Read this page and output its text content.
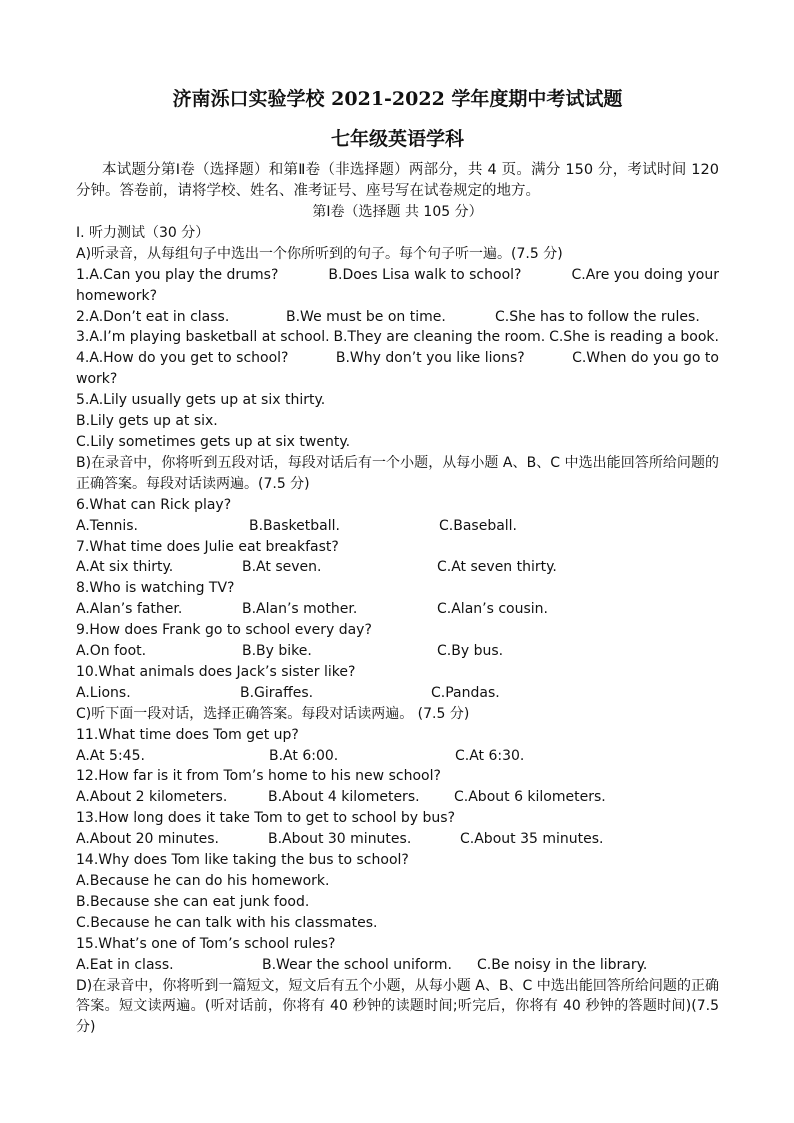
济南泺口实验学校 2021-2022 学年度期中考试试题
七年级英语学科
本试题分第Ⅰ卷（选择题）和第Ⅱ卷（非选择题）两部分，共 4 页。满分 150 分，考试时间 120 分钟。答卷前，请将学校、姓名、准考证号、座号写在试卷规定的地方。
第Ⅰ卷（选择题 共 105 分）
I. 听力测试（30 分）
A)听录音，从每组句子中选出一个你所听到的句子。每个句子听一遍。(7.5 分)
1.A.Can you play the drums?	B.Does Lisa walk to school?	C.Are you doing your
homework?
2.A.Don’t eat in class.	B.We must be on time.	C.She has to follow the rules.
3.A.I’m playing basketball at school. B.They are cleaning the room. C.She is reading a book.
4.A.How do you get to school?	B.Why don’t you like lions?	C.When do you go to
work?
5.A.Lily usually gets up at six thirty.
B.Lily gets up at six.
C.Lily sometimes gets up at six twenty.
B)在录音中，你将听到五段对话，每段对话后有一个小题，从每小题 A、B、C 中选出能回答所给问题的正确答案。每段对话读两遍。(7.5 分)
6.What can Rick play?
A.Tennis.	B.Basketball.	C.Baseball.
7.What time does Julie eat breakfast?
A.At six thirty.	B.At seven.	C.At seven thirty.
8.Who is watching TV?
A.Alan’s father.	B.Alan’s mother.	C.Alan’s cousin.
9.How does Frank go to school every day?
A.On foot.	B.By bike.	C.By bus.
10.What animals does Jack’s sister like?
A.Lions.	B.Giraffes.	C.Pandas.
C)听下面一段对话，选择正确答案。每段对话读两遍。 (7.5 分)
11.What time does Tom get up?
A.At 5:45.	B.At 6:00.	C.At 6:30.
12.How far is it from Tom’s home to his new school?
A.About 2 kilometers.	B.About 4 kilometers.	C.About 6 kilometers.
13.How long does it take Tom to get to school by bus?
A.About 20 minutes.	B.About 30 minutes.	C.About 35 minutes.
14.Why does Tom like taking the bus to school?
A.Because he can do his homework.
B.Because she can eat junk food.
C.Because he can talk with his classmates.
15.What’s one of Tom’s school rules?
A.Eat in class.	B.Wear the school uniform.	C.Be noisy in the library.
D)在录音中，你将听到一篇短文，短文后有五个小题，从每小题 A、B、C 中选出能回答所给问题的正确答案。短文读两遍。(听对话前，你将有 40 秒钟的读题时间;听完后，你将有 40 秒钟的答题时间)(7.5 分)
